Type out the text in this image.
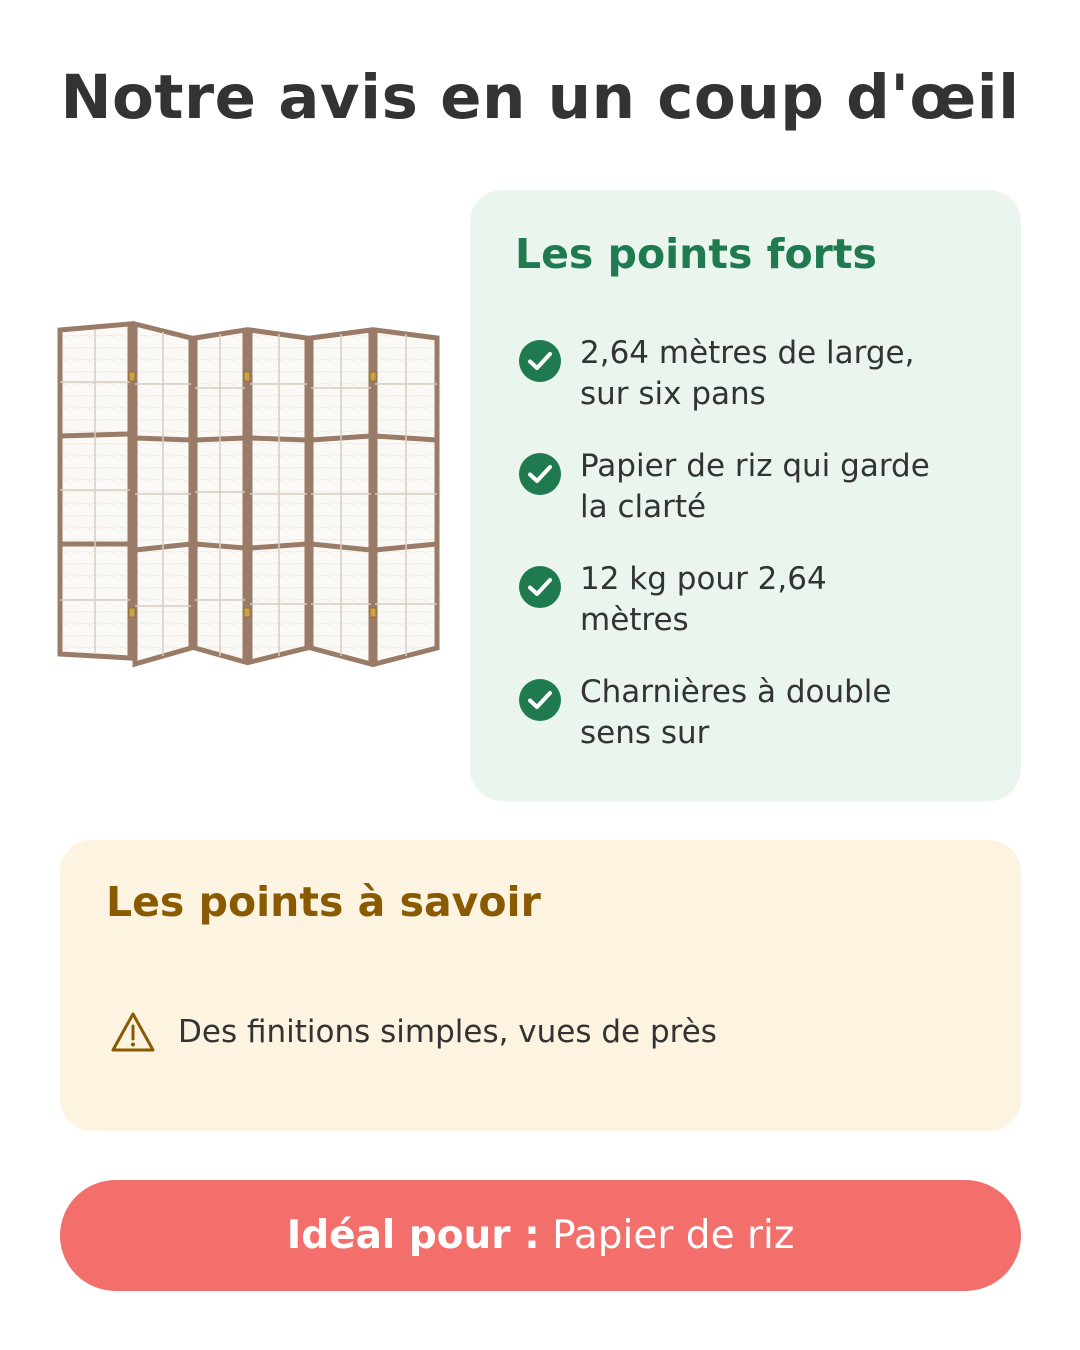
Notre avis en un coup d'œil
Les points forts
2,64 mètres de large,
sur six pans
Papier de riz qui garde
la clarté
12 kg pour 2,64
mètres
Charnières à double
sens sur
Les points à savoir
Des finitions simples, vues de près
Idéal pour : Papier de riz
